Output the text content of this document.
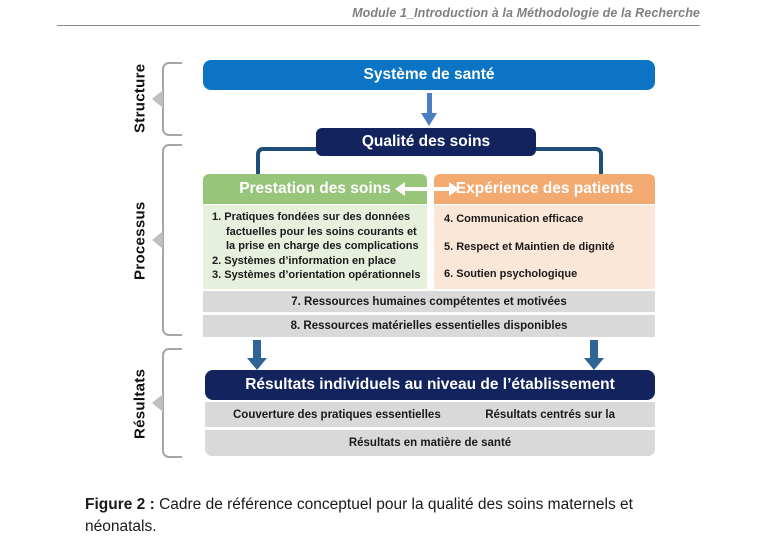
Module 1_Introduction à la Méthodologie de la Recherche
Structure
Processus
Résultats
Système de santé
Qualité des soins
Prestation des soins	Expérience des patients
1. Pratiques fondées sur des données factuelles pour les soins courants et la prise en charge des complications
2. Systèmes d’information en place
3. Systèmes d’orientation opérationnels
4. Communication efficace
5. Respect et Maintien de dignité
6. Soutien psychologique
7. Ressources humaines compétentes et motivées
8. Ressources matérielles essentielles disponibles
Résultats individuels au niveau de l’établissement
Couverture des pratiques essentielles	Résultats centrés sur la
Résultats en matière de santé
Figure 2 : Cadre de référence conceptuel pour la qualité des soins maternels et néonatals.
